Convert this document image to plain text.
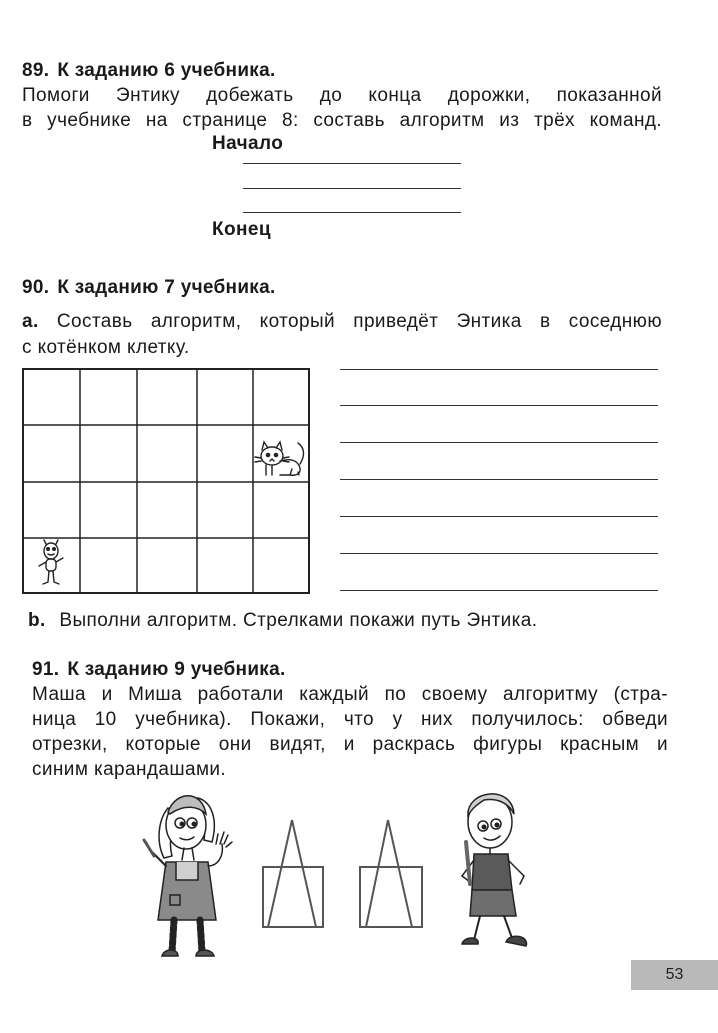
89. К заданию 6 учебника.
Помоги Энтику добежать до конца дорожки, показанной
в учебнике на странице 8: составь алгоритм из трёх команд.
Начало
Конец
90. К заданию 7 учебника.
a. Составь алгоритм, который приведёт Энтика в соседнюю
с котёнком клетку.
b. Выполни алгоритм. Стрелками покажи путь Энтика.
91. К заданию 9 учебника.
Маша и Миша работали каждый по своему алгоритму (стра-
ница 10 учебника). Покажи, что у них получилось: обведи
отрезки, которые они видят, и раскрась фигуры красным и
синим карандашами.
53
